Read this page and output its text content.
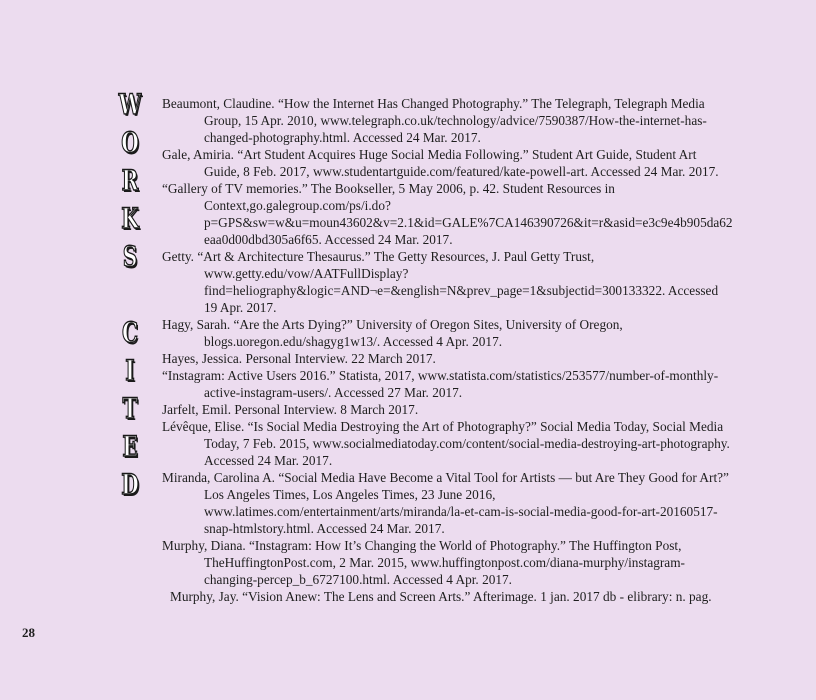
W
O
R
K
S
C
I
T
E
D

Beaumont, Claudine. “How the Internet Has Changed Photography.” The Telegraph, Telegraph Media Group, 15 Apr. 2010, www.telegraph.co.uk/technology/advice/7590387/How-the-internet-has-changed-photography.html. Accessed 24 Mar. 2017.

Gale, Amiria. “Art Student Acquires Huge Social Media Following.” Student Art Guide, Student Art Guide, 8 Feb. 2017, www.studentartguide.com/featured/kate-powell-art. Accessed 24 Mar. 2017.

“Gallery of TV memories.” The Bookseller, 5 May 2006, p. 42. Student Resources in Context,go.galegroup.com/ps/i.do?p=GPS&sw=w&u=moun43602&v=2.1&id=GALE%7CA146390726&it=r&asid=e3c9e4b905da62eaa0d00dbd305a6f65. Accessed 24 Mar. 2017.

Getty. “Art & Architecture Thesaurus.” The Getty Resources, J. Paul Getty Trust, www.getty.edu/vow/AATFullDisplay?find=heliography&logic=AND¬e=&english=N&prev_page=1&subjectid=300133322. Accessed 19 Apr. 2017.

Hagy, Sarah. “Are the Arts Dying?” University of Oregon Sites, University of Oregon, blogs.uoregon.edu/shagyg1w13/. Accessed 4 Apr. 2017.

Hayes, Jessica. Personal Interview. 22 March 2017.

“Instagram: Active Users 2016.” Statista, 2017, www.statista.com/statistics/253577/number-of-monthly-active-instagram-users/. Accessed 27 Mar. 2017.

Jarfelt, Emil. Personal Interview. 8 March 2017.

Lévêque, Elise. “Is Social Media Destroying the Art of Photography?” Social Media Today, Social Media Today, 7 Feb. 2015, www.socialmediatoday.com/content/social-media-destroying-art-photography. Accessed 24 Mar. 2017.

Miranda, Carolina A. “Social Media Have Become a Vital Tool for Artists — but Are They Good for Art?” Los Angeles Times, Los Angeles Times, 23 June 2016, www.latimes.com/entertainment/arts/miranda/la-et-cam-is-social-media-good-for-art-20160517-snap-htmlstory.html. Accessed 24 Mar. 2017.

Murphy, Diana. “Instagram: How It’s Changing the World of Photography.” The Huffington Post, TheHuffingtonPost.com, 2 Mar. 2015, www.huffingtonpost.com/diana-murphy/instagram-changing-percep_b_6727100.html. Accessed 4 Apr. 2017.

Murphy, Jay. “Vision Anew: The Lens and Screen Arts.” Afterimage. 1 jan. 2017 db - elibrary: n. pag.

28
